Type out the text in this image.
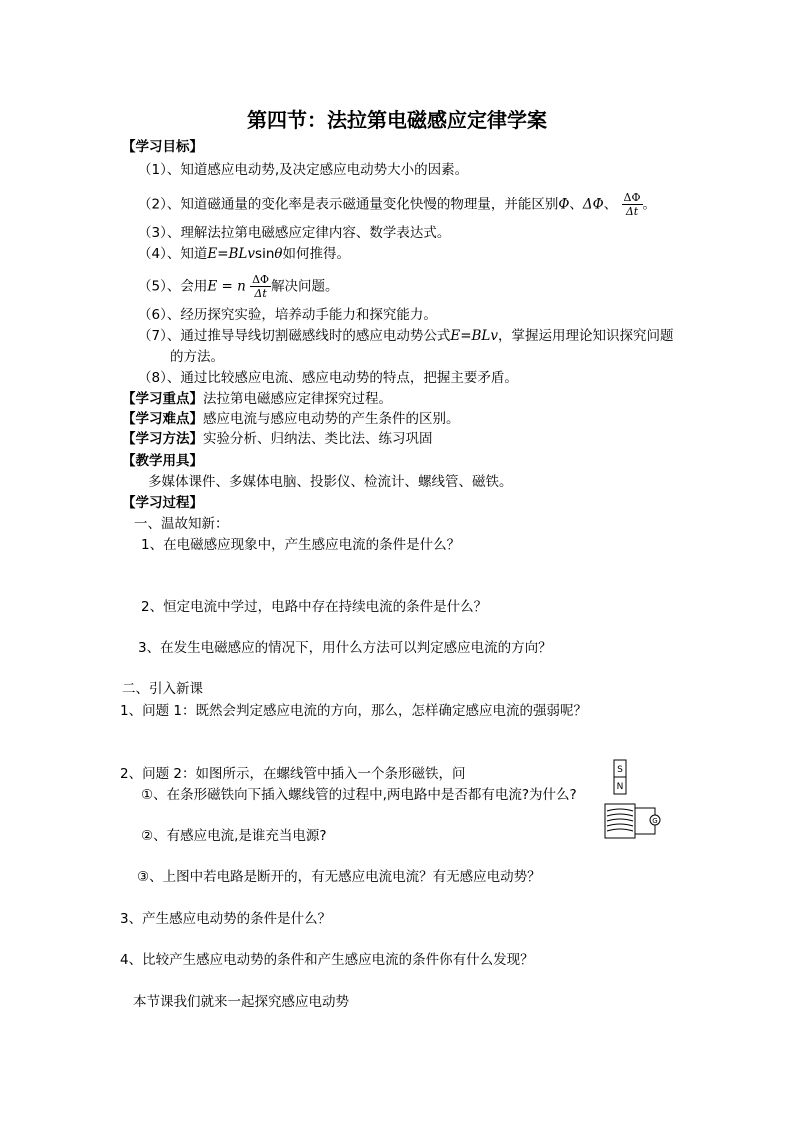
第四节：法拉第电磁感应定律学案
【学习目标】
（1）、知道感应电动势,及决定感应电动势大小的因素。
（2）、知道磁通量的变化率是表示磁通量变化快慢的物理量，并能区别Φ、ΔΦ、 $\frac{\Delta\Phi}{\Delta t}$ 。
（3）、理解法拉第电磁感应定律内容、数学表达式。
（4）、知道E=BLvsinθ如何推得。
（5）、会用E = n $\frac{\Delta\Phi}{\Delta t}$ 解决问题。
（6）、经历探究实验，培养动手能力和探究能力。
（7）、通过推导导线切割磁感线时的感应电动势公式E=BLv，掌握运用理论知识探究问题
的方法。
（8）、通过比较感应电流、感应电动势的特点，把握主要矛盾。
【学习重点】法拉第电磁感应定律探究过程。
【学习难点】感应电流与感应电动势的产生条件的区别。
【学习方法】实验分析、归纳法、类比法、练习巩固
【教学用具】
多媒体课件、多媒体电脑、投影仪、检流计、螺线管、磁铁。
【学习过程】
一、温故知新：
1、在电磁感应现象中，产生感应电流的条件是什么？
2、恒定电流中学过，电路中存在持续电流的条件是什么？
3、在发生电磁感应的情况下，用什么方法可以判定感应电流的方向？
二、引入新课
1、问题 1：既然会判定感应电流的方向，那么，怎样确定感应电流的强弱呢？
2、问题 2：如图所示，在螺线管中插入一个条形磁铁，问
①、在条形磁铁向下插入螺线管的过程中,两电路中是否都有电流?为什么?
②、有感应电流,是谁充当电源?
③、上图中若电路是断开的，有无感应电流电流？有无感应电动势？
3、产生感应电动势的条件是什么？
4、比较产生感应电动势的条件和产生感应电流的条件你有什么发现？
本节课我们就来一起探究感应电动势
S
N
G
